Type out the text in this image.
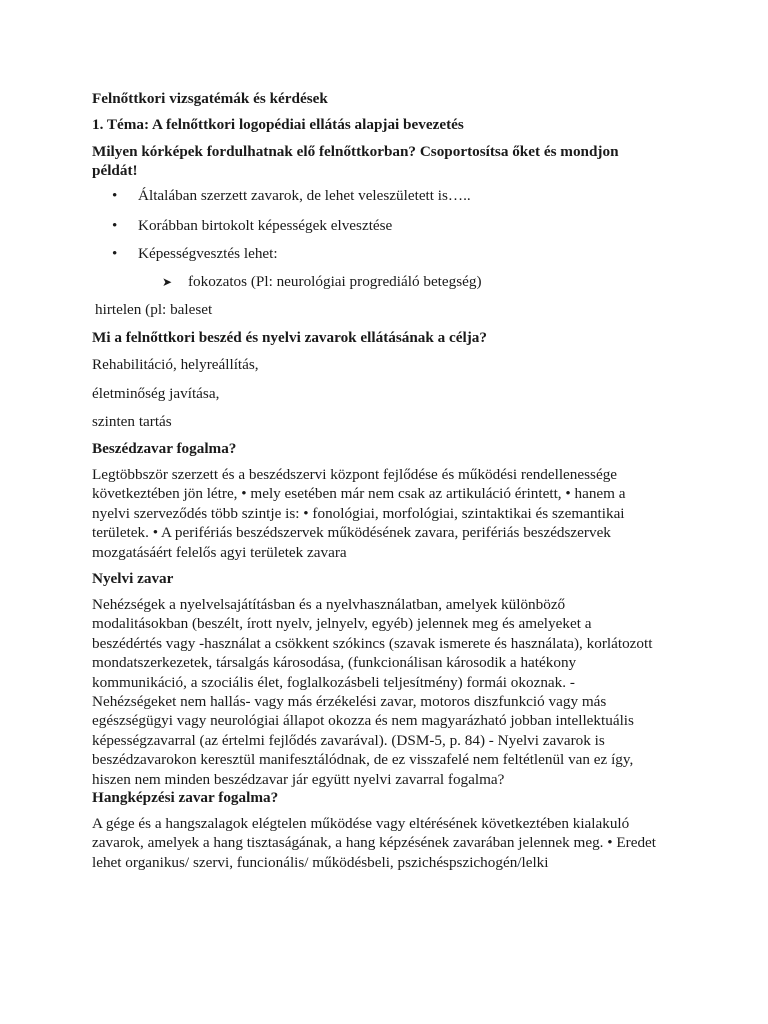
Felnőttkori vizsgatémák és kérdések

1. Téma: A felnőttkori logopédiai ellátás alapjai bevezetés

Milyen kórképek fordulhatnak elő felnőttkorban? Csoportosítsa őket és mondjon példát!

• Általában szerzett zavarok, de lehet veleszületett is…..
• Korábban birtokolt képességek elvesztése
• Képességvesztés lehet:
➤ fokozatos (Pl: neurológiai progrediáló betegség)

hirtelen (pl: baleset

Mi a felnőttkori beszéd és nyelvi zavarok ellátásának a célja?

Rehabilitáció, helyreállítás,

életminőség javítása,

szinten tartás

Beszédzavar fogalma?

Legtöbbször szerzett és a beszédszervi központ fejlődése és működési rendellenessége következtében jön létre, • mely esetében már nem csak az artikuláció érintett, • hanem a nyelvi szerveződés több szintje is: • fonológiai, morfológiai, szintaktikai és szemantikai területek. • A perifériás beszédszervek működésének zavara, perifériás beszédszervek mozgatásáért felelős agyi területek zavara

Nyelvi zavar

Nehézségek a nyelvelsajátításban és a nyelvhasználatban, amelyek különböző modalitásokban (beszélt, írott nyelv, jelnyelv, egyéb) jelennek meg és amelyeket a beszédértés vagy -használat a csökkent szókincs (szavak ismerete és használata), korlátozott mondatszerkezetek, társalgás károsodása, (funkcionálisan károsodik a hatékony kommunikáció, a szociális élet, foglalkozásbeli teljesítmény) formái okoznak. - Nehézségeket nem hallás- vagy más érzékelési zavar, motoros diszfunkció vagy más egészségügyi vagy neurológiai állapot okozza és nem magyarázható jobban intellektuális képességzavarral (az értelmi fejlődés zavarával). (DSM-5, p. 84) - Nyelvi zavarok is beszédzavarokon keresztül manifesztálódnak, de ez visszafelé nem feltétlenül van ez így, hiszen nem minden beszédzavar jár együtt nyelvi zavarral fogalma?

Hangképzési zavar fogalma?

A gége és a hangszalagok elégtelen működése vagy eltérésének következtében kialakuló zavarok, amelyek a hang tisztaságának, a hang képzésének zavarában jelennek meg. • Eredet lehet organikus/ szervi, funcionális/ működésbeli, pszichéspszichogén/lelki
